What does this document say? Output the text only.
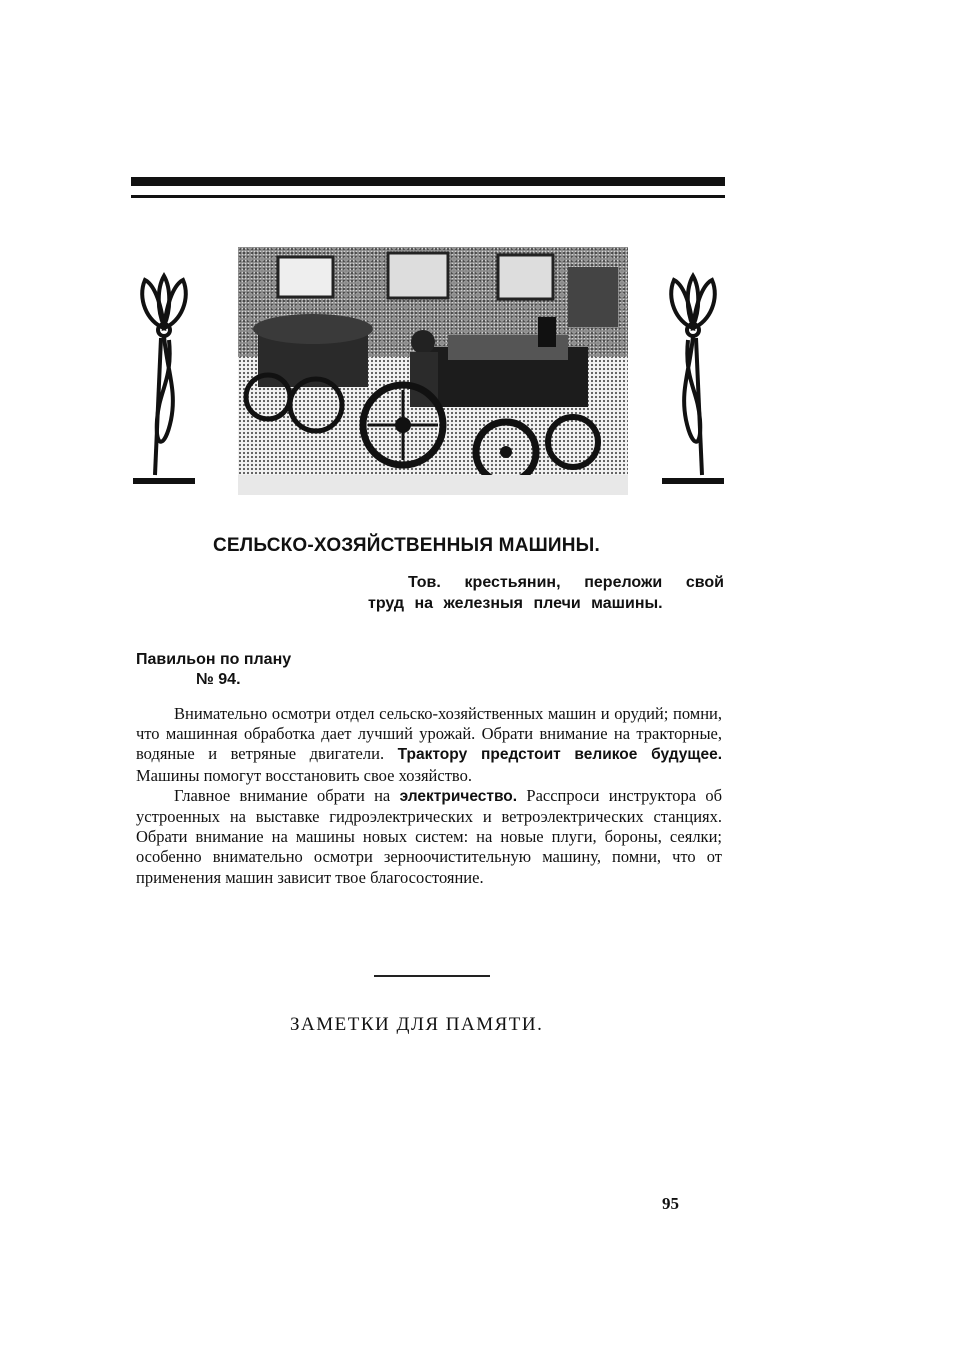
СЕЛЬСКО-ХОЗЯЙСТВЕННЫЯ МАШИНЫ.
Тов. крестьянин, переложи свой труд на железныя плечи машины.
Павильон по плану
№ 94.

Внимательно осмотри отдел сельско-хозяйственных машин и орудий; помни, что машинная обработка дает лучший урожай. Обрати внимание на тракторные, водяные и ветряные двигатели. Тракторy предстоит великое будущее. Машины помогут восстановить свое хозяйство.

Главное внимание обрати на электричество. Расспроси инструктора об устроенных на выставке гидроэлектрических и ветроэлектрических станциях. Обрати внимание на машины новых систем: на новые плуги, бороны, сеялки; особенно внимательно осмотри зерноочистительную машину, помни, что от применения машин зависит твое благосостояние.

ЗАМЕТКИ ДЛЯ ПАМЯТИ.
95
